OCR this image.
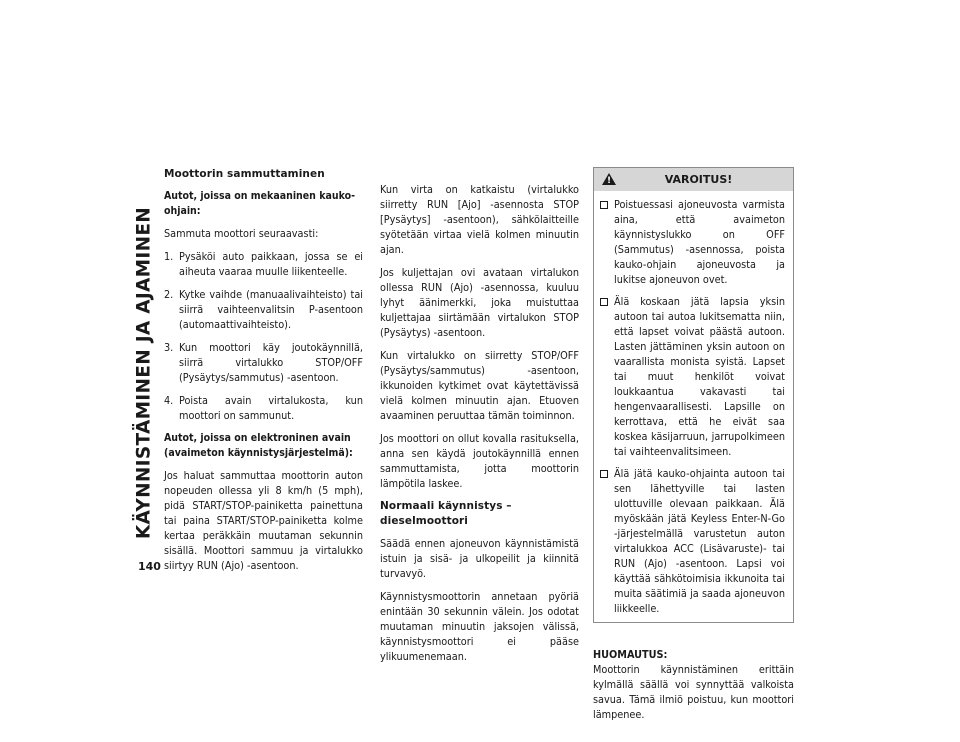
KÄYNNISTÄMINEN JA AJAMINEN
140
Moottorin sammuttaminen
Autot, joissa on mekaaninen kauko-ohjain:

Sammuta moottori seuraavasti:

1. Pysäköi auto paikkaan, jossa se ei aiheuta vaaraa muulle liikenteelle.
2. Kytke vaihde (manuaalivaihteisto) tai siirrä vaihteenvalitsin P-asentoon (automaattivaihteisto).
3. Kun moottori käy joutokäynnillä, siirrä virtalukko STOP/OFF (Pysäytys/sammutus) -asentoon.
4. Poista avain virtalukosta, kun moottori on sammunut.
Autot, joissa on elektroninen avain (avaimeton käynnistysjärjestelmä):

Jos haluat sammuttaa moottorin auton nopeuden ollessa yli 8 km/h (5 mph), pidä START/STOP-painiketta painettuna tai paina START/STOP-painiketta kolme kertaa peräkkäin muutaman sekunnin sisällä. Moottori sammuu ja virtalukko siirtyy RUN (Ajo) -asentoon.

Kun virta on katkaistu (virtalukko siirretty RUN [Ajo] -asennosta STOP [Pysäytys] -asentoon), sähkölaitteille syötetään virtaa vielä kolmen minuutin ajan.

Jos kuljettajan ovi avataan virtalukon ollessa RUN (Ajo) -asennossa, kuuluu lyhyt äänimerkki, joka muistuttaa kuljettajaa siirtämään virtalukon STOP (Pysäytys) -asentoon.

Kun virtalukko on siirretty STOP/OFF (Pysäytys/sammutus) -asentoon, ikkunoiden kytkimet ovat käytettävissä vielä kolmen minuutin ajan. Etuoven avaaminen peruuttaa tämän toiminnon.

Jos moottori on ollut kovalla rasituksella, anna sen käydä joutokäynnillä ennen sammuttamista, jotta moottorin lämpötila laskee.

Normaali käynnistys – dieselmoottori

Säädä ennen ajoneuvon käynnistämistä istuin ja sisä- ja ulkopeilit ja kiinnitä turvavyö.

Käynnistysmoottorin annetaan pyöriä enintään 30 sekunnin välein. Jos odotat muutaman minuutin jaksojen välissä, käynnistysmoottori ei pääse ylikuumenemaan.

!	VAROITUS!
Poistuessasi ajoneuvosta varmista aina, että avaimeton käynnistyslukko on OFF (Sammutus) -asennossa, poista kauko-ohjain ajoneuvosta ja lukitse ajoneuvon ovet.
Älä koskaan jätä lapsia yksin autoon tai autoa lukitsematta niin, että lapset voivat päästä autoon. Lasten jättäminen yksin autoon on vaarallista monista syistä. Lapset tai muut henkilöt voivat loukkaantua vakavasti tai hengenvaarallisesti. Lapsille on kerrottava, että he eivät saa koskea käsijarruun, jarrupolkimeen tai vaihteenvalitsimeen.
Älä jätä kauko-ohjainta autoon tai sen lähettyville tai lasten ulottuville olevaan paikkaan. Älä myöskään jätä Keyless Enter-N-Go -järjestelmällä varustetun auton virtalukkoa ACC (Lisävaruste)- tai RUN (Ajo) -asentoon. Lapsi voi käyttää sähkötoimisia ikkunoita tai muita säätimiä ja saada ajoneuvon liikkeelle.

HUOMAUTUS:

Moottorin käynnistäminen erittäin kylmällä säällä voi synnyttää valkoista savua. Tämä ilmiö poistuu, kun moottori lämpenee.
